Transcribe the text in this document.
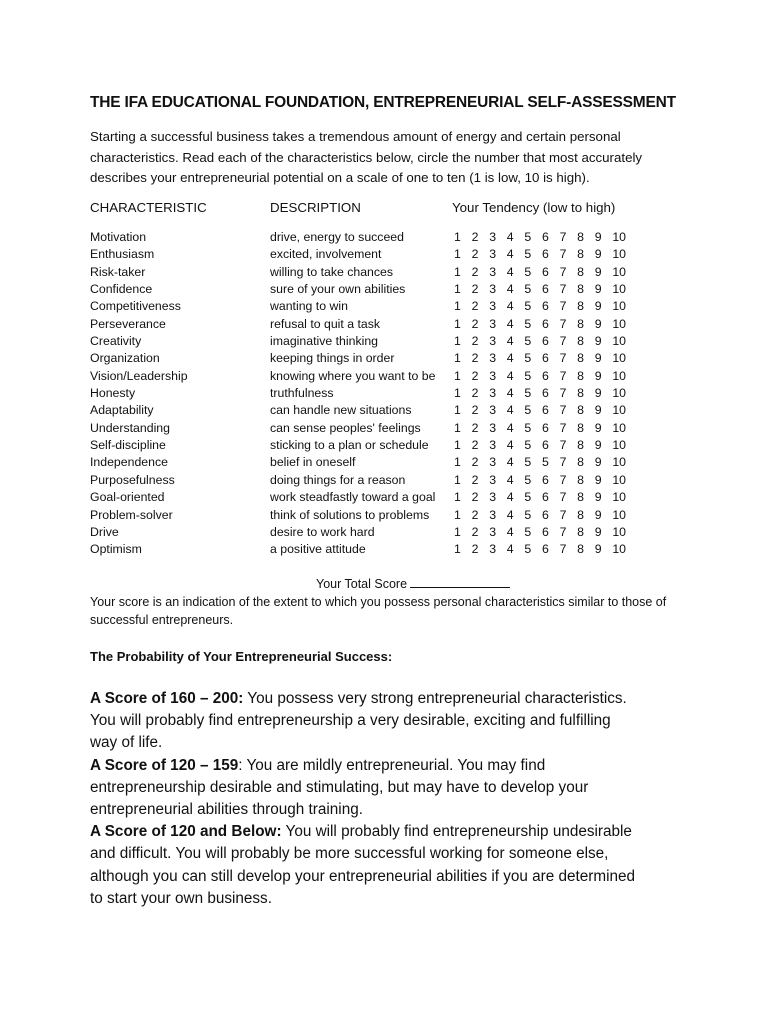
THE IFA EDUCATIONAL FOUNDATION, ENTREPRENEURIAL SELF-ASSESSMENT
Starting a successful business takes a tremendous amount of energy and certain personal
characteristics. Read each of the characteristics below, circle the number that most accurately
describes your entrepreneurial potential on a scale of one to ten (1 is low, 10 is high).
CHARACTERISTIC	DESCRIPTION	Your Tendency (low to high)
Motivation	drive, energy to succeed	1 2 3 4 5 6 7 8 9 10
Enthusiasm	excited, involvement	1 2 3 4 5 6 7 8 9 10
Risk-taker	willing to take chances	1 2 3 4 5 6 7 8 9 10
Confidence	sure of your own abilities	1 2 3 4 5 6 7 8 9 10
Competitiveness	wanting to win	1 2 3 4 5 6 7 8 9 10
Perseverance	refusal to quit a task	1 2 3 4 5 6 7 8 9 10
Creativity	imaginative thinking	1 2 3 4 5 6 7 8 9 10
Organization	keeping things in order	1 2 3 4 5 6 7 8 9 10
Vision/Leadership	knowing where you want to be 1 2 3 4 5 6 7 8 9 10
Honesty	truthfulness	1 2 3 4 5 6 7 8 9 10
Adaptability	can handle new situations	1 2 3 4 5 6 7 8 9 10
Understanding	can sense peoples' feelings	1 2 3 4 5 6 7 8 9 10
Self-discipline	sticking to a plan or schedule 1 2 3 4 5 6 7 8 9 10
Independence	belief in oneself	1 2 3 4 5 5 7 8 9 10
Purposefulness	doing things for a reason	1 2 3 4 5 6 7 8 9 10
Goal-oriented	work steadfastly toward a goal 1 2 3 4 5 6 7 8 9 10
Problem-solver	think of solutions to problems 1 2 3 4 5 6 7 8 9 10
Drive	desire to work hard	1 2 3 4 5 6 7 8 9 10
Optimism	a positive attitude	1 2 3 4 5 6 7 8 9 10
Your Total Score
Your score is an indication of the extent to which you possess personal characteristics similar to those of
successful entrepreneurs.
The Probability of Your Entrepreneurial Success:
A Score of 160 – 200: You possess very strong entrepreneurial characteristics.
You will probably find entrepreneurship a very desirable, exciting and fulfilling
way of life.
A Score of 120 – 159: You are mildly entrepreneurial. You may find
entrepreneurship desirable and stimulating, but may have to develop your
entrepreneurial abilities through training.
A Score of 120 and Below: You will probably find entrepreneurship undesirable
and difficult. You will probably be more successful working for someone else,
although you can still develop your entrepreneurial abilities if you are determined
to start your own business.
